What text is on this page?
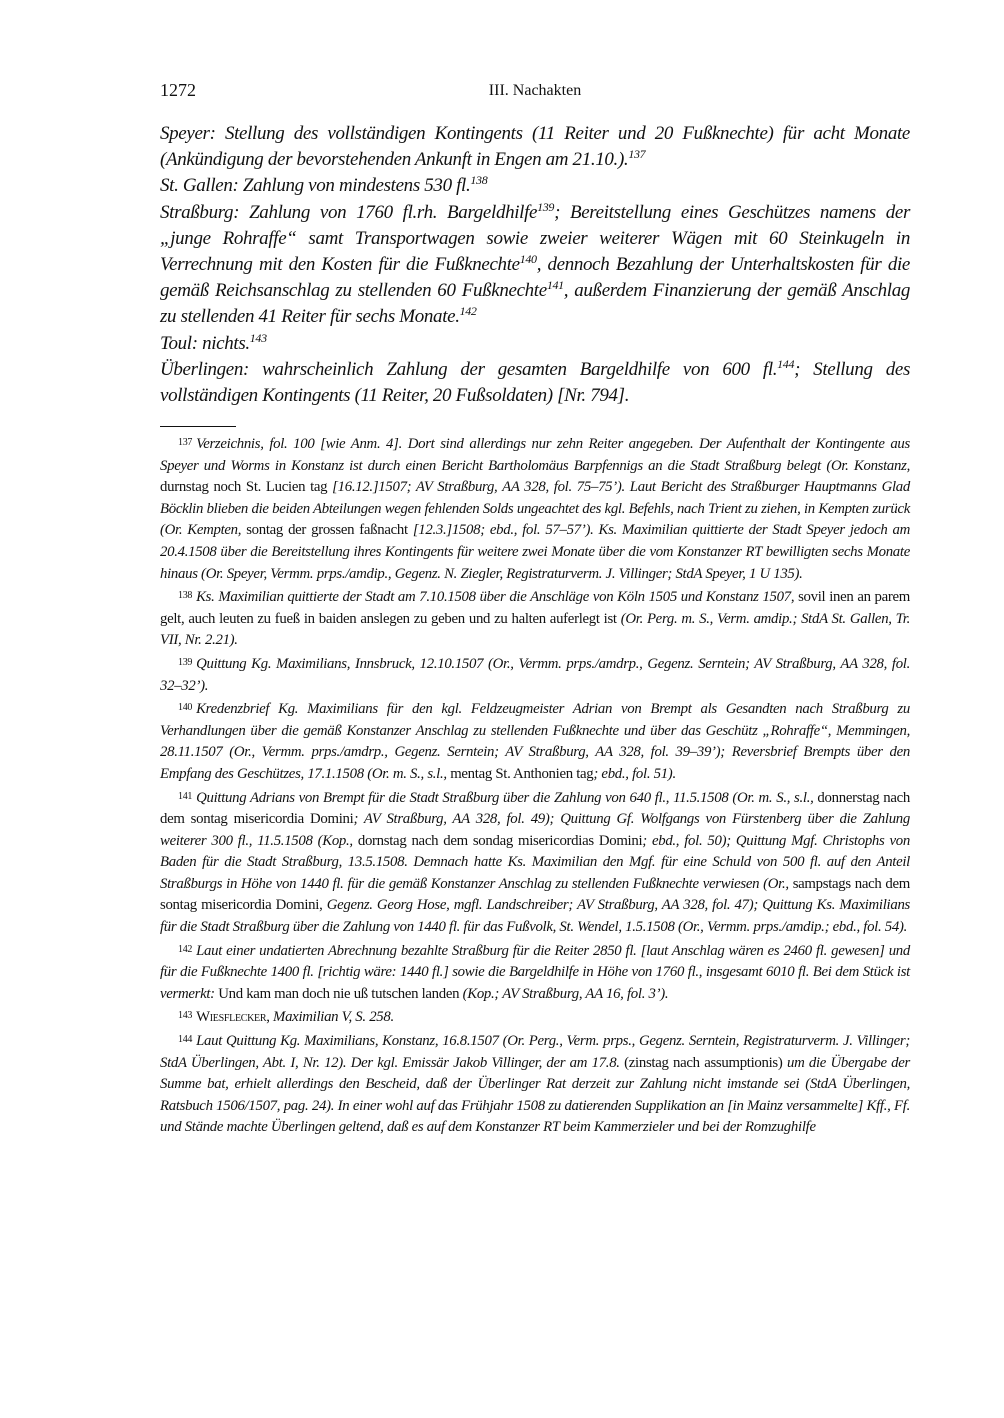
1272	III. Nachakten

Speyer: Stellung des vollständigen Kontingents (11 Reiter und 20 Fußknechte) für acht Monate (Ankündigung der bevorstehenden Ankunft in Engen am 21.10.).$^{137}$

St. Gallen: Zahlung von mindestens 530 fl.$^{138}$

Straßburg: Zahlung von 1760 fl.rh. Bargeldhilfe$^{139}$; Bereitstellung eines Geschützes namens der „junge Rohraffe“ samt Transportwagen sowie zweier weiterer Wägen mit 60 Steinkugeln in Verrechnung mit den Kosten für die Fußknechte$^{140}$, dennoch Bezahlung der Unterhaltskosten für die gemäß Reichsanschlag zu stellenden 60 Fußknechte$^{141}$, außerdem Finanzierung der gemäß Anschlag zu stellenden 41 Reiter für sechs Monate.$^{142}$

Toul: nichts.$^{143}$

Überlingen: wahrscheinlich Zahlung der gesamten Bargeldhilfe von 600 fl.$^{144}$; Stellung des vollständigen Kontingents (11 Reiter, 20 Fußsoldaten) [Nr. 794].

$^{137}$ Verzeichnis, fol. 100 [wie Anm. 4]. Dort sind allerdings nur zehn Reiter angegeben. Der Aufenthalt der Kontingente aus Speyer und Worms in Konstanz ist durch einen Bericht Bartholomäus Barpfennigs an die Stadt Straßburg belegt (Or. Konstanz, durnstag noch St. Lucien tag [16.12.]1507; AV Straßburg, AA 328, fol. 75–75’). Laut Bericht des Straßburger Hauptmanns Glad Böcklin blieben die beiden Abteilungen wegen fehlenden Solds ungeachtet des kgl. Befehls, nach Trient zu ziehen, in Kempten zurück (Or. Kempten, sontag der grossen faßnacht [12.3.]1508; ebd., fol. 57–57’). Ks. Maximilian quittierte der Stadt Speyer jedoch am 20.4.1508 über die Bereitstellung ihres Kontingents für weitere zwei Monate über die vom Konstanzer RT bewilligten sechs Monate hinaus (Or. Speyer, Vermm. prps./amdip., Gegenz. N. Ziegler, Registraturverm. J. Villinger; StdA Speyer, 1 U 135).

$^{138}$ Ks. Maximilian quittierte der Stadt am 7.10.1508 über die Anschläge von Köln 1505 und Konstanz 1507, sovil inen an parem gelt, auch leuten zu fueß in baiden anslegen zu geben und zu halten auferlegt ist (Or. Perg. m. S., Verm. amdip.; StdA St. Gallen, Tr. VII, Nr. 2.21).

$^{139}$ Quittung Kg. Maximilians, Innsbruck, 12.10.1507 (Or., Vermm. prps./amdrp., Gegenz. Serntein; AV Straßburg, AA 328, fol. 32–32’).

$^{140}$ Kredenzbrief Kg. Maximilians für den kgl. Feldzeugmeister Adrian von Brempt als Gesandten nach Straßburg zu Verhandlungen über die gemäß Konstanzer Anschlag zu stellenden Fußknechte und über das Geschütz „Rohraffe“, Memmingen, 28.11.1507 (Or., Vermm. prps./amdrp., Gegenz. Serntein; AV Straßburg, AA 328, fol. 39–39’); Reversbrief Brempts über den Empfang des Geschützes, 17.1.1508 (Or. m. S., s.l., mentag St. Anthonien tag; ebd., fol. 51).

$^{141}$ Quittung Adrians von Brempt für die Stadt Straßburg über die Zahlung von 640 fl., 11.5.1508 (Or. m. S., s.l., donnerstag nach dem sontag misericordia Domini; AV Straßburg, AA 328, fol. 49); Quittung Gf. Wolfgangs von Fürstenberg über die Zahlung weiterer 300 fl., 11.5.1508 (Kop., dornstag nach dem sondag misericordias Domini; ebd., fol. 50); Quittung Mgf. Christophs von Baden für die Stadt Straßburg, 13.5.1508. Demnach hatte Ks. Maximilian den Mgf. für eine Schuld von 500 fl. auf den Anteil Straßburgs in Höhe von 1440 fl. für die gemäß Konstanzer Anschlag zu stellenden Fußknechte verwiesen (Or., sampstags nach dem sontag misericordia Domini, Gegenz. Georg Hose, mgfl. Landschreiber; AV Straßburg, AA 328, fol. 47); Quittung Ks. Maximilians für die Stadt Straßburg über die Zahlung von 1440 fl. für das Fußvolk, St. Wendel, 1.5.1508 (Or., Vermm. prps./amdip.; ebd., fol. 54).

$^{142}$ Laut einer undatierten Abrechnung bezahlte Straßburg für die Reiter 2850 fl. [laut Anschlag wären es 2460 fl. gewesen] und für die Fußknechte 1400 fl. [richtig wäre: 1440 fl.] sowie die Bargeldhilfe in Höhe von 1760 fl., insgesamt 6010 fl. Bei dem Stück ist vermerkt: Und kam man doch nie uß tutschen landen (Kop.; AV Straßburg, AA 16, fol. 3’).

$^{143}$ Wiesflecker, Maximilian V, S. 258.

$^{144}$ Laut Quittung Kg. Maximilians, Konstanz, 16.8.1507 (Or. Perg., Verm. prps., Gegenz. Serntein, Registraturverm. J. Villinger; StdA Überlingen, Abt. I, Nr. 12). Der kgl. Emissär Jakob Villinger, der am 17.8. (zinstag nach assumptionis) um die Übergabe der Summe bat, erhielt allerdings den Bescheid, daß der Überlinger Rat derzeit zur Zahlung nicht imstande sei (StdA Überlingen, Ratsbuch 1506/1507, pag. 24). In einer wohl auf das Frühjahr 1508 zu datierenden Supplikation an [in Mainz versammelte] Kff., Ff. und Stände machte Überlingen geltend, daß es auf dem Konstanzer RT beim Kammerzieler und bei der Romzughilfe
